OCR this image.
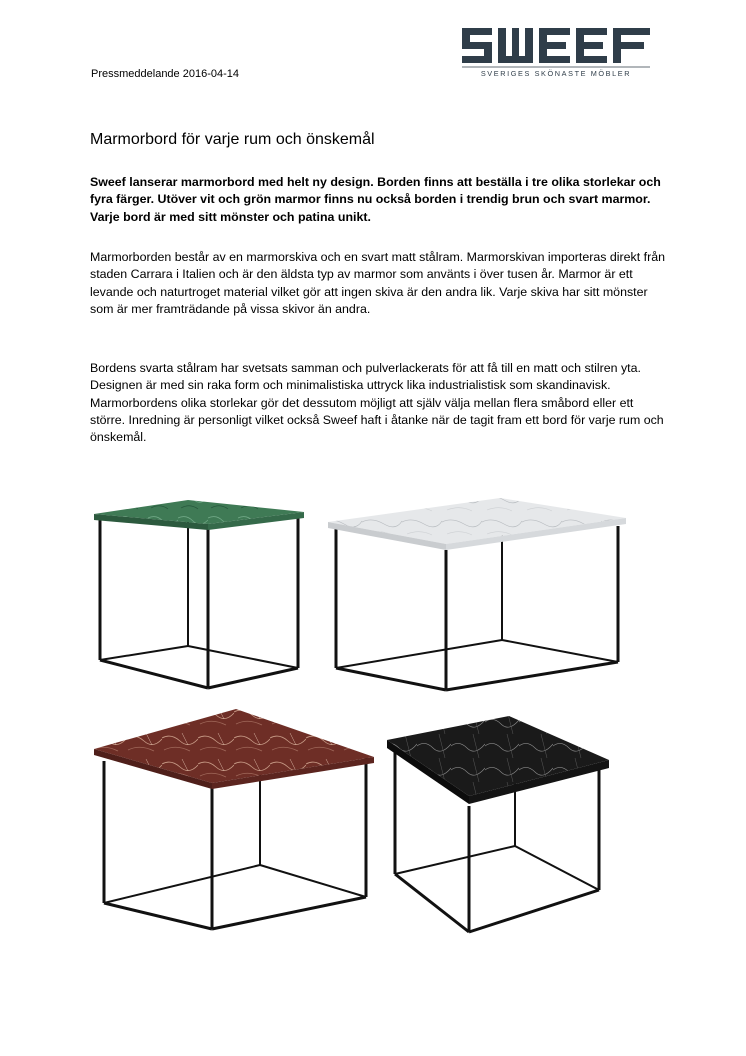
Pressmeddelande 2016-04-14	SVERIGES SKÖNASTE MÖBLER
Marmorbord för varje rum och önskemål

Sweef lanserar marmorbord med helt ny design. Borden finns att beställa i tre olika storlekar och fyra färger. Utöver vit och grön marmor finns nu också borden i trendig brun och svart marmor. Varje bord är med sitt mönster och patina unikt.

Marmorborden består av en marmorskiva och en svart matt stålram. Marmorskivan importeras direkt från staden Carrara i Italien och är den äldsta typ av marmor som använts i över tusen år. Marmor är ett levande och naturtroget material vilket gör att ingen skiva är den andra lik. Varje skiva har sitt mönster som är mer framträdande på vissa skivor än andra.

Bordens svarta stålram har svetsats samman och pulverlackerats för att få till en matt och stilren yta. Designen är med sin raka form och minimalistiska uttryck lika industrialistisk som skandinavisk. Marmorbordens olika storlekar gör det dessutom möjligt att själv välja mellan flera småbord eller ett större. Inredning är personligt vilket också Sweef haft i åtanke när de tagit fram ett bord för varje rum och önskemål.
